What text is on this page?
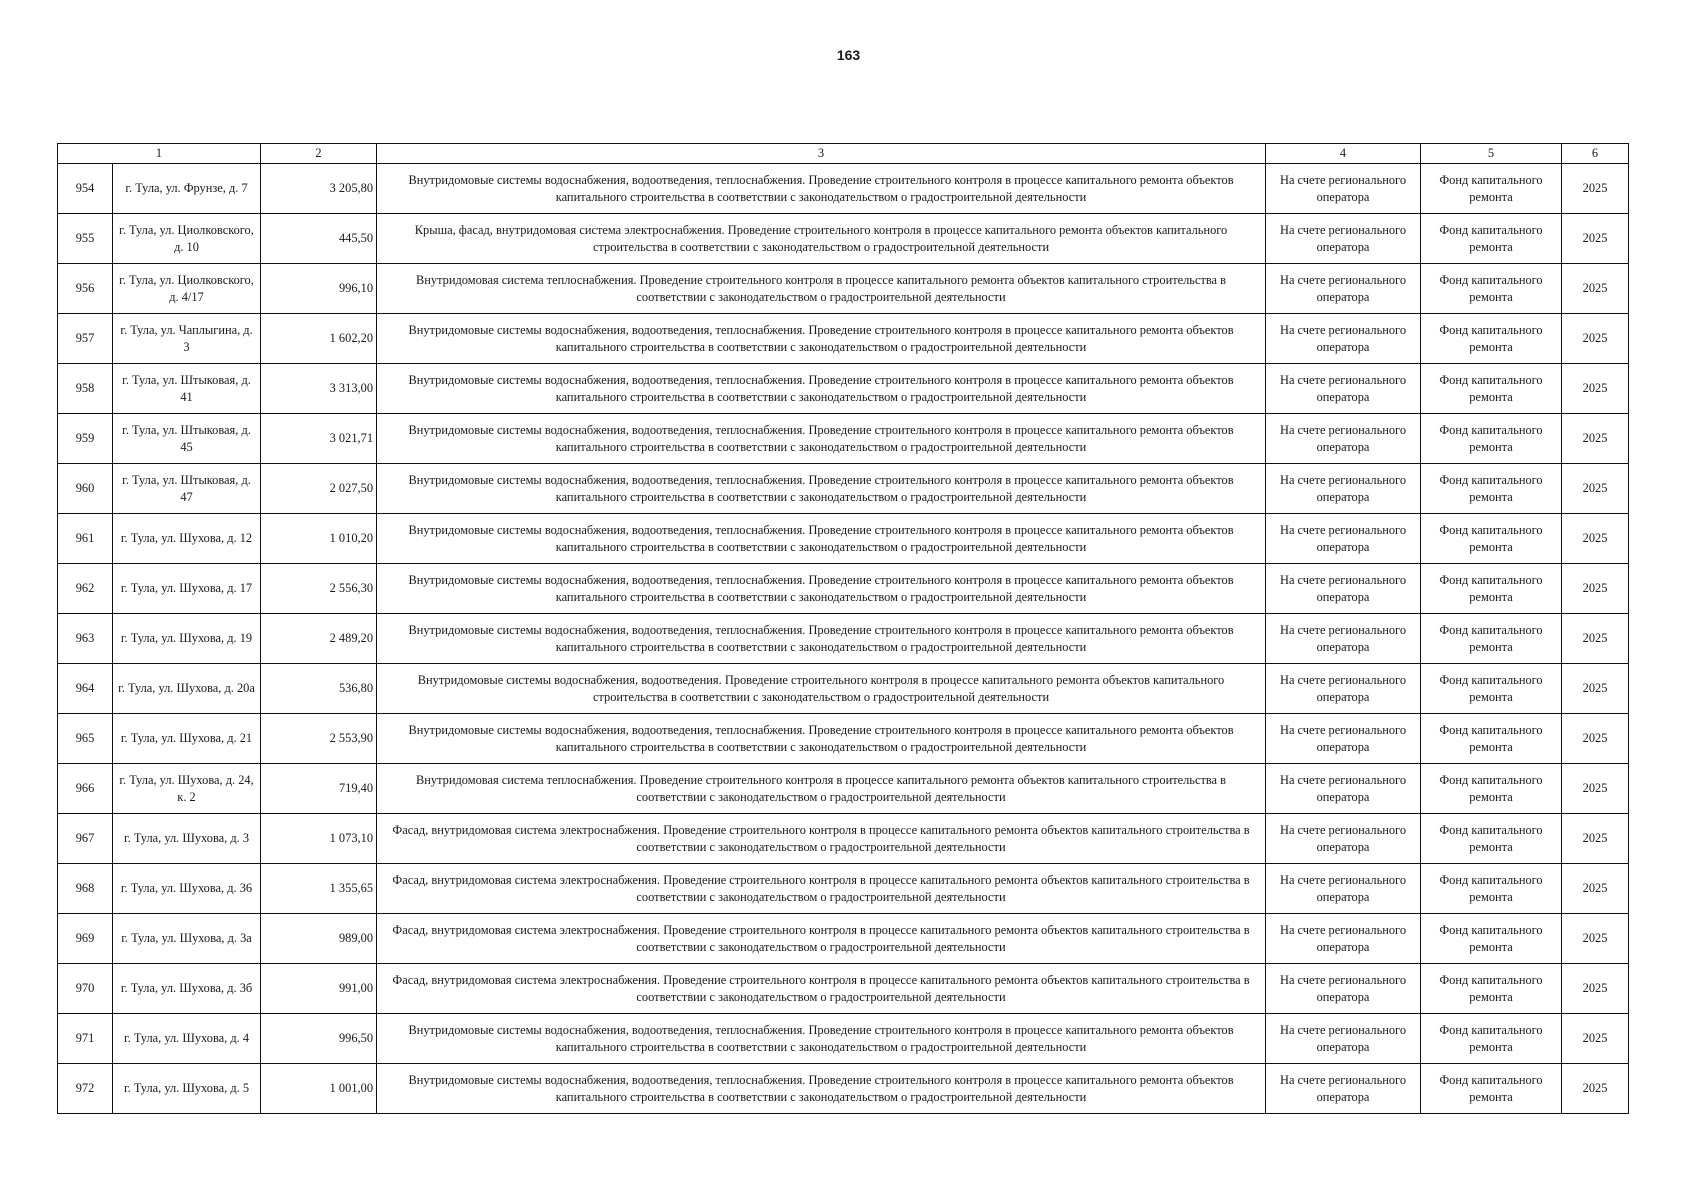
163
1		2	3	4	5	6
954	г. Тула, ул. Фрунзе, д. 7	3 205,80	Внутридомовые системы водоснабжения, водоотведения, теплоснабжения. Проведение строительного контроля в процессе капитального ремонта объектов капитального строительства в соответствии с законодательством о градостроительной деятельности	На счете регионального оператора	Фонд капитального ремонта	2025
955	г. Тула, ул. Циолковского, д. 10	445,50	Крыша, фасад, внутридомовая система электроснабжения. Проведение строительного контроля в процессе капитального ремонта объектов капитального строительства в соответствии с законодательством о градостроительной деятельности	На счете регионального оператора	Фонд капитального ремонта	2025
956	г. Тула, ул. Циолковского, д. 4/17	996,10	Внутридомовая система теплоснабжения. Проведение строительного контроля в процессе капитального ремонта объектов капитального строительства в соответствии с законодательством о градостроительной деятельности	На счете регионального оператора	Фонд капитального ремонта	2025
957	г. Тула, ул. Чаплыгина, д. 3	1 602,20	Внутридомовые системы водоснабжения, водоотведения, теплоснабжения. Проведение строительного контроля в процессе капитального ремонта объектов капитального строительства в соответствии с законодательством о градостроительной деятельности	На счете регионального оператора	Фонд капитального ремонта	2025
958	г. Тула, ул. Штыковая, д. 41	3 313,00	Внутридомовые системы водоснабжения, водоотведения, теплоснабжения. Проведение строительного контроля в процессе капитального ремонта объектов капитального строительства в соответствии с законодательством о градостроительной деятельности	На счете регионального оператора	Фонд капитального ремонта	2025
959	г. Тула, ул. Штыковая, д. 45	3 021,71	Внутридомовые системы водоснабжения, водоотведения, теплоснабжения. Проведение строительного контроля в процессе капитального ремонта объектов капитального строительства в соответствии с законодательством о градостроительной деятельности	На счете регионального оператора	Фонд капитального ремонта	2025
960	г. Тула, ул. Штыковая, д. 47	2 027,50	Внутридомовые системы водоснабжения, водоотведения, теплоснабжения. Проведение строительного контроля в процессе капитального ремонта объектов капитального строительства в соответствии с законодательством о градостроительной деятельности	На счете регионального оператора	Фонд капитального ремонта	2025
961	г. Тула, ул. Шухова, д. 12	1 010,20	Внутридомовые системы водоснабжения, водоотведения, теплоснабжения. Проведение строительного контроля в процессе капитального ремонта объектов капитального строительства в соответствии с законодательством о градостроительной деятельности	На счете регионального оператора	Фонд капитального ремонта	2025
962	г. Тула, ул. Шухова, д. 17	2 556,30	Внутридомовые системы водоснабжения, водоотведения, теплоснабжения. Проведение строительного контроля в процессе капитального ремонта объектов капитального строительства в соответствии с законодательством о градостроительной деятельности	На счете регионального оператора	Фонд капитального ремонта	2025
963	г. Тула, ул. Шухова, д. 19	2 489,20	Внутридомовые системы водоснабжения, водоотведения, теплоснабжения. Проведение строительного контроля в процессе капитального ремонта объектов капитального строительства в соответствии с законодательством о градостроительной деятельности	На счете регионального оператора	Фонд капитального ремонта	2025
964	г. Тула, ул. Шухова, д. 20а	536,80	Внутридомовые системы водоснабжения, водоотведения. Проведение строительного контроля в процессе капитального ремонта объектов капитального строительства в соответствии с законодательством о градостроительной деятельности	На счете регионального оператора	Фонд капитального ремонта	2025
965	г. Тула, ул. Шухова, д. 21	2 553,90	Внутридомовые системы водоснабжения, водоотведения, теплоснабжения. Проведение строительного контроля в процессе капитального ремонта объектов капитального строительства в соответствии с законодательством о градостроительной деятельности	На счете регионального оператора	Фонд капитального ремонта	2025
966	г. Тула, ул. Шухова, д. 24, к. 2	719,40	Внутридомовая система теплоснабжения. Проведение строительного контроля в процессе капитального ремонта объектов капитального строительства в соответствии с законодательством о градостроительной деятельности	На счете регионального оператора	Фонд капитального ремонта	2025
967	г. Тула, ул. Шухова, д. 3	1 073,10	Фасад, внутридомовая система электроснабжения. Проведение строительного контроля в процессе капитального ремонта объектов капитального строительства в соответствии с законодательством о градостроительной деятельности	На счете регионального оператора	Фонд капитального ремонта	2025
968	г. Тула, ул. Шухова, д. 36	1 355,65	Фасад, внутридомовая система электроснабжения. Проведение строительного контроля в процессе капитального ремонта объектов капитального строительства в соответствии с законодательством о градостроительной деятельности	На счете регионального оператора	Фонд капитального ремонта	2025
969	г. Тула, ул. Шухова, д. 3а	989,00	Фасад, внутридомовая система электроснабжения. Проведение строительного контроля в процессе капитального ремонта объектов капитального строительства в соответствии с законодательством о градостроительной деятельности	На счете регионального оператора	Фонд капитального ремонта	2025
970	г. Тула, ул. Шухова, д. 3б	991,00	Фасад, внутридомовая система электроснабжения. Проведение строительного контроля в процессе капитального ремонта объектов капитального строительства в соответствии с законодательством о градостроительной деятельности	На счете регионального оператора	Фонд капитального ремонта	2025
971	г. Тула, ул. Шухова, д. 4	996,50	Внутридомовые системы водоснабжения, водоотведения, теплоснабжения. Проведение строительного контроля в процессе капитального ремонта объектов капитального строительства в соответствии с законодательством о градостроительной деятельности	На счете регионального оператора	Фонд капитального ремонта	2025
972	г. Тула, ул. Шухова, д. 5	1 001,00	Внутридомовые системы водоснабжения, водоотведения, теплоснабжения. Проведение строительного контроля в процессе капитального ремонта объектов капитального строительства в соответствии с законодательством о градостроительной деятельности	На счете регионального оператора	Фонд капитального ремонта	2025
